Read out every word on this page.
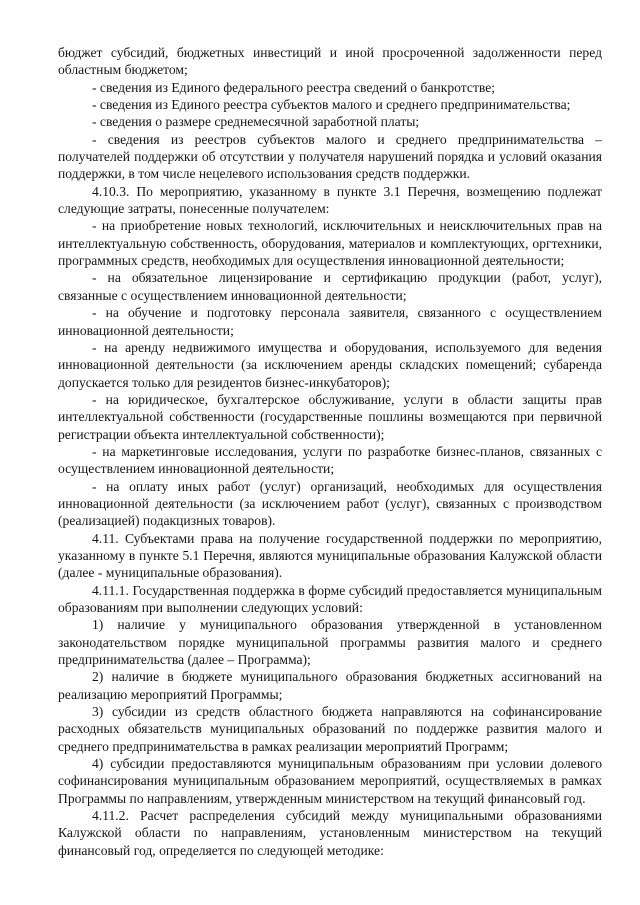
бюджет субсидий, бюджетных инвестиций и иной просроченной задолженности перед областным бюджетом;

- сведения из Единого федерального реестра сведений о банкротстве;

- сведения из Единого реестра субъектов малого и среднего предпринимательства;

- сведения о размере среднемесячной заработной платы;

- сведения из реестров субъектов малого и среднего предпринимательства – получателей поддержки об отсутствии у получателя нарушений порядка и условий оказания поддержки, в том числе нецелевого использования средств поддержки.

4.10.3. По мероприятию, указанному в пункте 3.1 Перечня, возмещению подлежат следующие затраты, понесенные получателем:

- на приобретение новых технологий, исключительных и неисключительных прав на интеллектуальную собственность, оборудования, материалов и комплектующих, оргтехники, программных средств, необходимых для осуществления инновационной деятельности;

- на обязательное лицензирование и сертификацию продукции (работ, услуг), связанные с осуществлением инновационной деятельности;

- на обучение и подготовку персонала заявителя, связанного с осуществлением инновационной деятельности;

- на аренду недвижимого имущества и оборудования, используемого для ведения инновационной деятельности (за исключением аренды складских помещений; субаренда допускается только для резидентов бизнес-инкубаторов);

- на юридическое, бухгалтерское обслуживание, услуги в области защиты прав интеллектуальной собственности (государственные пошлины возмещаются при первичной регистрации объекта интеллектуальной собственности);

- на маркетинговые исследования, услуги по разработке бизнес-планов, связанных с осуществлением инновационной деятельности;

- на оплату иных работ (услуг) организаций, необходимых для осуществления инновационной деятельности (за исключением работ (услуг), связанных с производством (реализацией) подакцизных товаров).

4.11. Субъектами права на получение государственной поддержки по мероприятию, указанному в пункте 5.1 Перечня, являются муниципальные образования Калужской области (далее - муниципальные образования).

4.11.1. Государственная поддержка в форме субсидий предоставляется муниципальным образованиям при выполнении следующих условий:

1) наличие у муниципального образования утвержденной в установленном законодательством порядке муниципальной программы развития малого и среднего предпринимательства (далее – Программа);

2) наличие в бюджете муниципального образования бюджетных ассигнований на реализацию мероприятий Программы;

3) субсидии из средств областного бюджета направляются на софинансирование расходных обязательств муниципальных образований по поддержке развития малого и среднего предпринимательства в рамках реализации мероприятий Программ;

4) субсидии предоставляются муниципальным образованиям при условии долевого софинансирования муниципальным образованием мероприятий, осуществляемых в рамках Программы по направлениям, утвержденным министерством на текущий финансовый год.

4.11.2. Расчет распределения субсидий между муниципальными образованиями Калужской области по направлениям, установленным министерством на текущий финансовый год, определяется по следующей методике:
